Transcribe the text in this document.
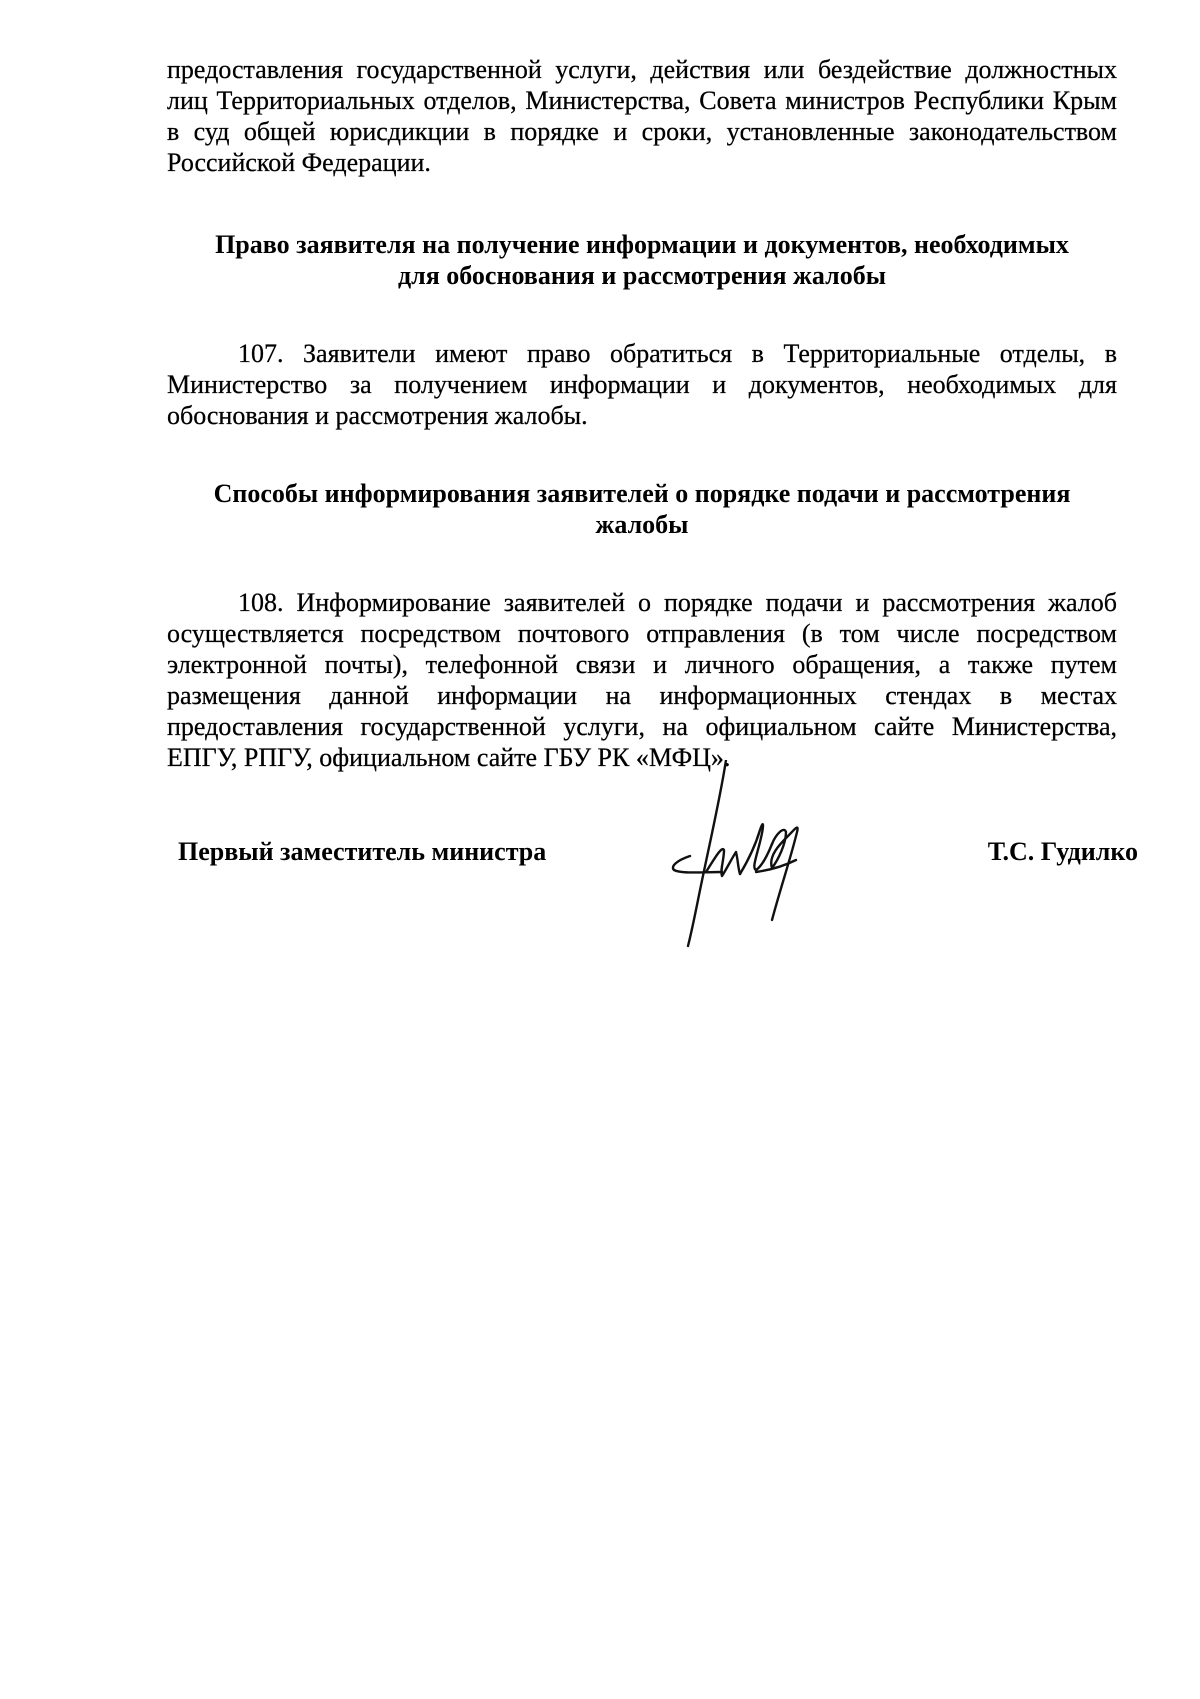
предоставления государственной услуги, действия или бездействие должностных лиц Территориальных отделов, Министерства, Совета министров Республики Крым в суд общей юрисдикции в порядке и сроки, установленные законодательством Российской Федерации.

Право заявителя на получение информации и документов, необходимых
для обоснования и рассмотрения жалобы

107. Заявители имеют право обратиться в Территориальные отделы, в Министерство за получением информации и документов, необходимых для обоснования и рассмотрения жалобы.

Способы информирования заявителей о порядке подачи и рассмотрения
жалобы

108. Информирование заявителей о порядке подачи и рассмотрения жалоб осуществляется посредством почтового отправления (в том числе посредством электронной почты), телефонной связи и личного обращения, а также путем размещения данной информации на информационных стендах в местах предоставления государственной услуги, на официальном сайте Министерства, ЕПГУ, РПГУ, официальном сайте ГБУ РК «МФЦ».

Первый заместитель министра	Т.С. Гудилко
